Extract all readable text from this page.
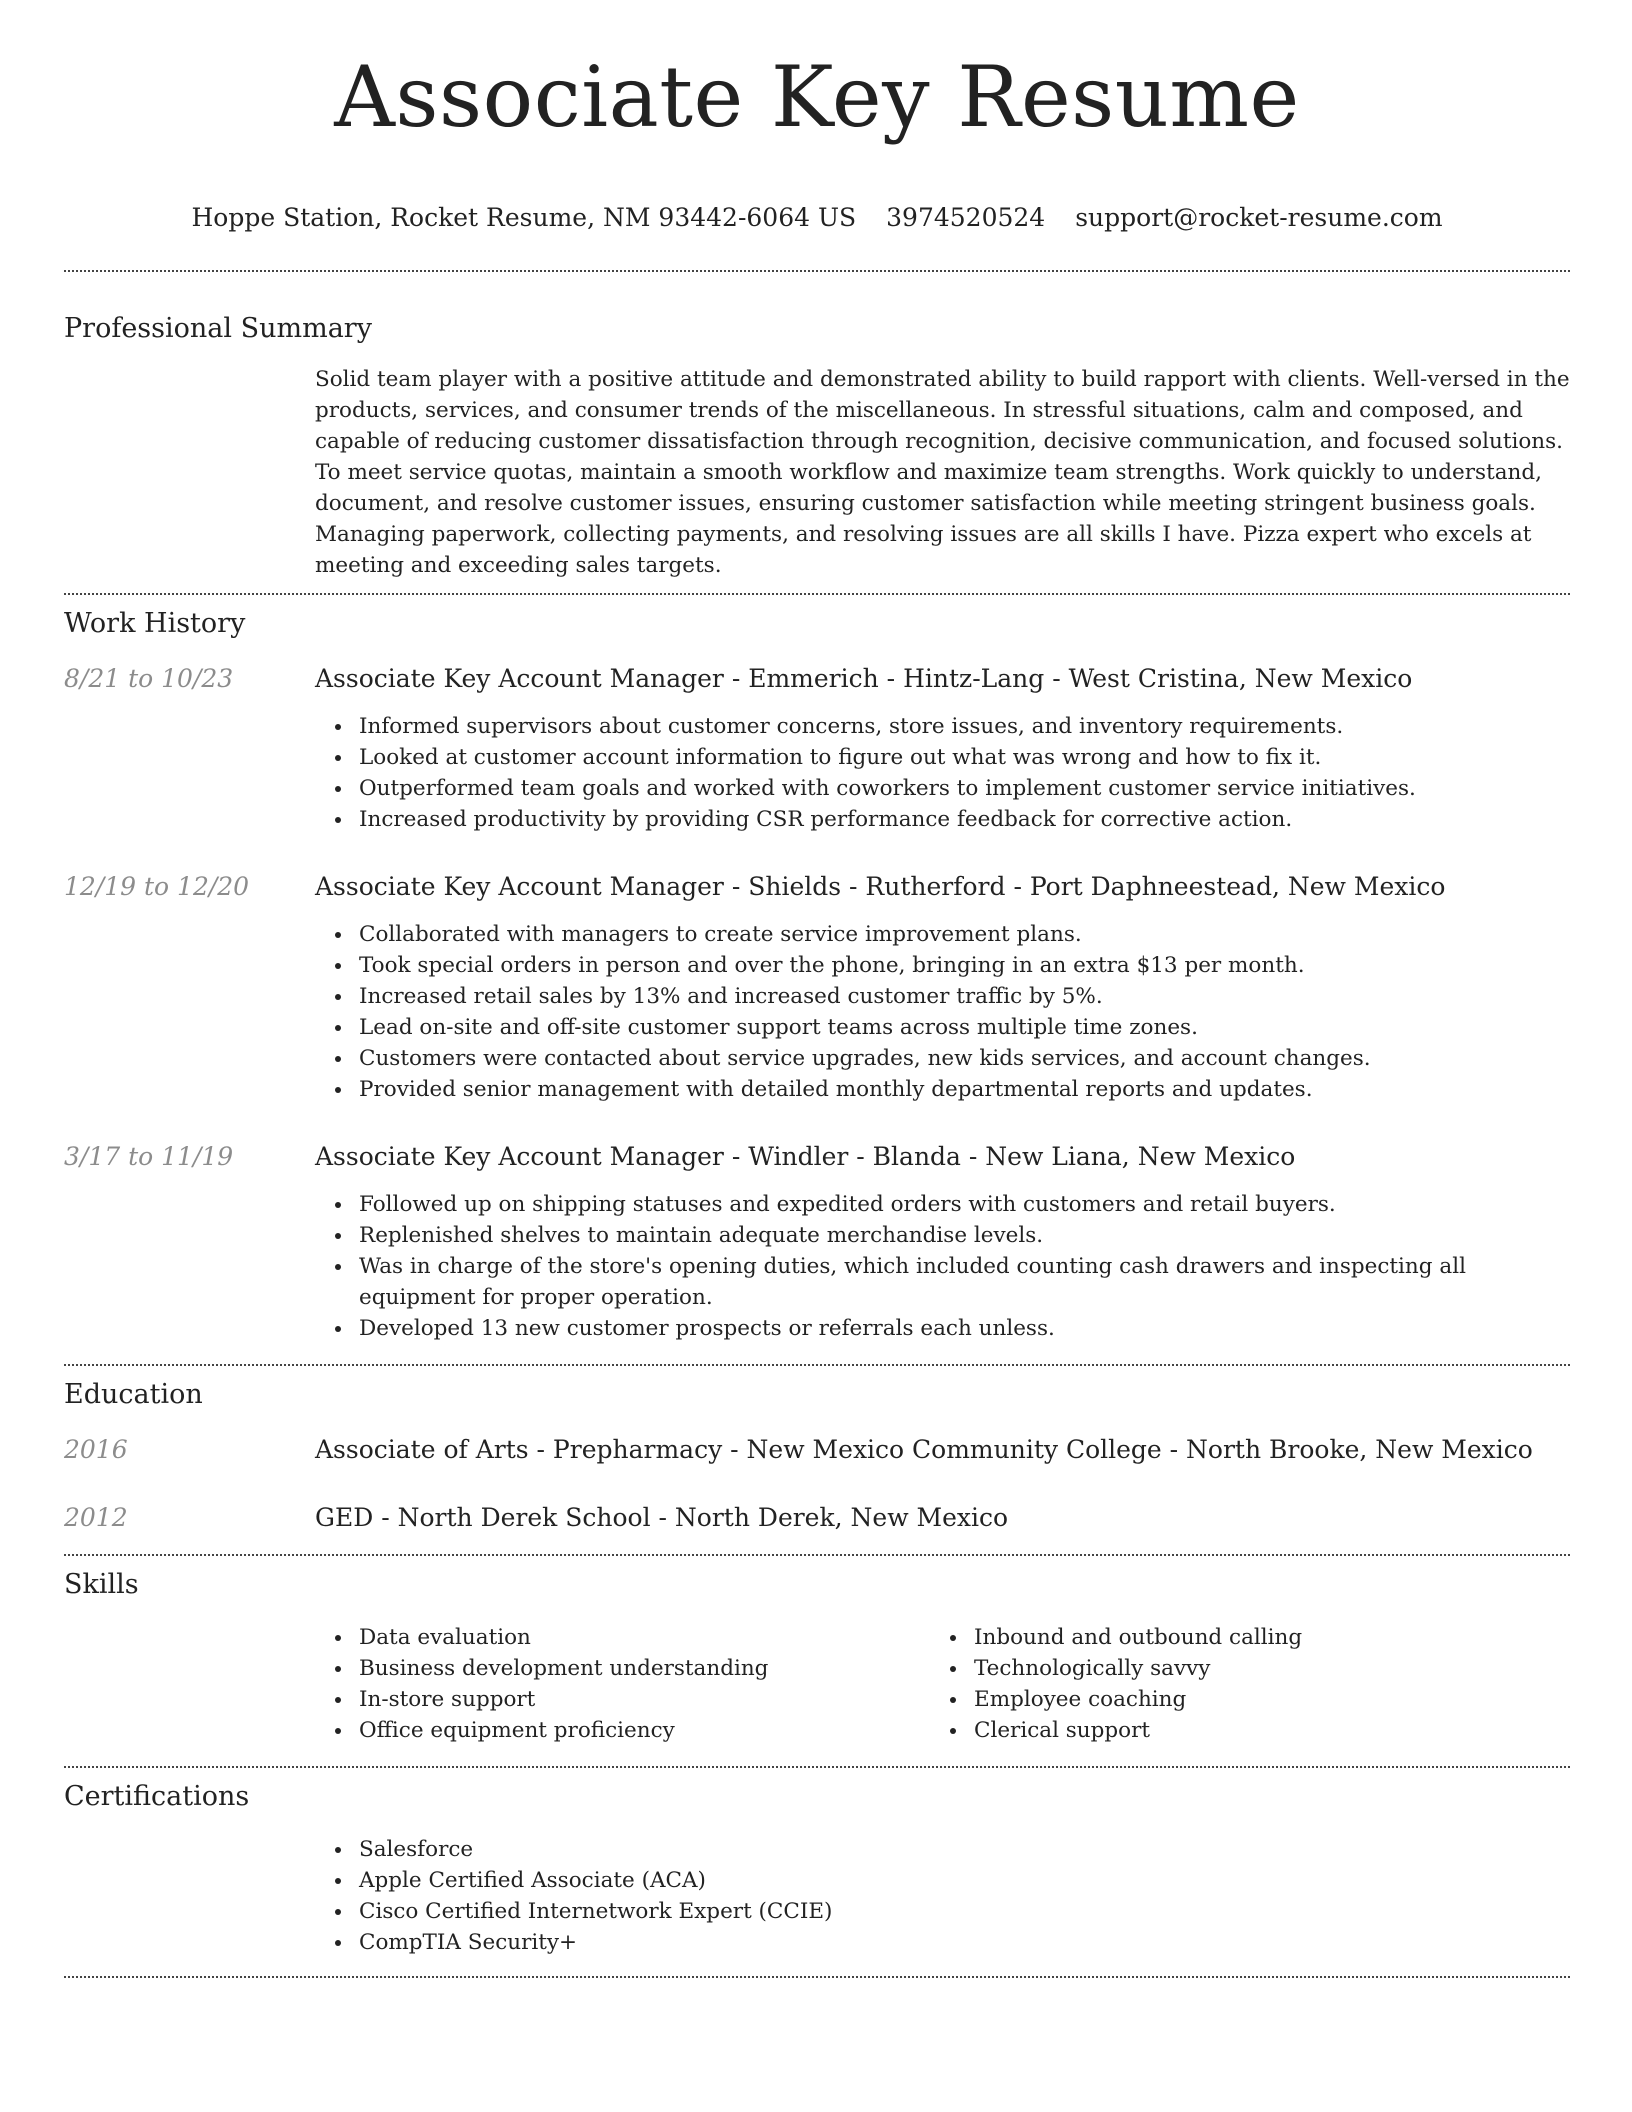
Associate Key Resume
Hoppe Station, Rocket Resume, NM 93442-6064 US 3974520524 support@rocket-resume.com
Professional Summary
Solid team player with a positive attitude and demonstrated ability to build rapport with clients. Well-versed in the products, services, and consumer trends of the miscellaneous. In stressful situations, calm and composed, and capable of reducing customer dissatisfaction through recognition, decisive communication, and focused solutions. To meet service quotas, maintain a smooth workflow and maximize team strengths. Work quickly to understand, document, and resolve customer issues, ensuring customer satisfaction while meeting stringent business goals. Managing paperwork, collecting payments, and resolving issues are all skills I have. Pizza expert who excels at meeting and exceeding sales targets.
Work History
8/21 to 10/23	Associate Key Account Manager - Emmerich - Hintz-Lang - West Cristina, New Mexico
Informed supervisors about customer concerns, store issues, and inventory requirements.
Looked at customer account information to figure out what was wrong and how to fix it.
Outperformed team goals and worked with coworkers to implement customer service initiatives.
Increased productivity by providing CSR performance feedback for corrective action.
12/19 to 12/20	Associate Key Account Manager - Shields - Rutherford - Port Daphneestead, New Mexico
Collaborated with managers to create service improvement plans.
Took special orders in person and over the phone, bringing in an extra $13 per month.
Increased retail sales by 13% and increased customer traffic by 5%.
Lead on-site and off-site customer support teams across multiple time zones.
Customers were contacted about service upgrades, new kids services, and account changes.
Provided senior management with detailed monthly departmental reports and updates.
3/17 to 11/19	Associate Key Account Manager - Windler - Blanda - New Liana, New Mexico
Followed up on shipping statuses and expedited orders with customers and retail buyers.
Replenished shelves to maintain adequate merchandise levels.
Was in charge of the store's opening duties, which included counting cash drawers and inspecting all equipment for proper operation.
Developed 13 new customer prospects or referrals each unless.
Education
2016	Associate of Arts - Prepharmacy - New Mexico Community College - North Brooke, New Mexico
2012	GED - North Derek School - North Derek, New Mexico
Skills
Data evaluation
Business development understanding
In-store support
Office equipment proficiency
Inbound and outbound calling
Technologically savvy
Employee coaching
Clerical support
Certifications
Salesforce
Apple Certified Associate (ACA)
Cisco Certified Internetwork Expert (CCIE)
CompTIA Security+
